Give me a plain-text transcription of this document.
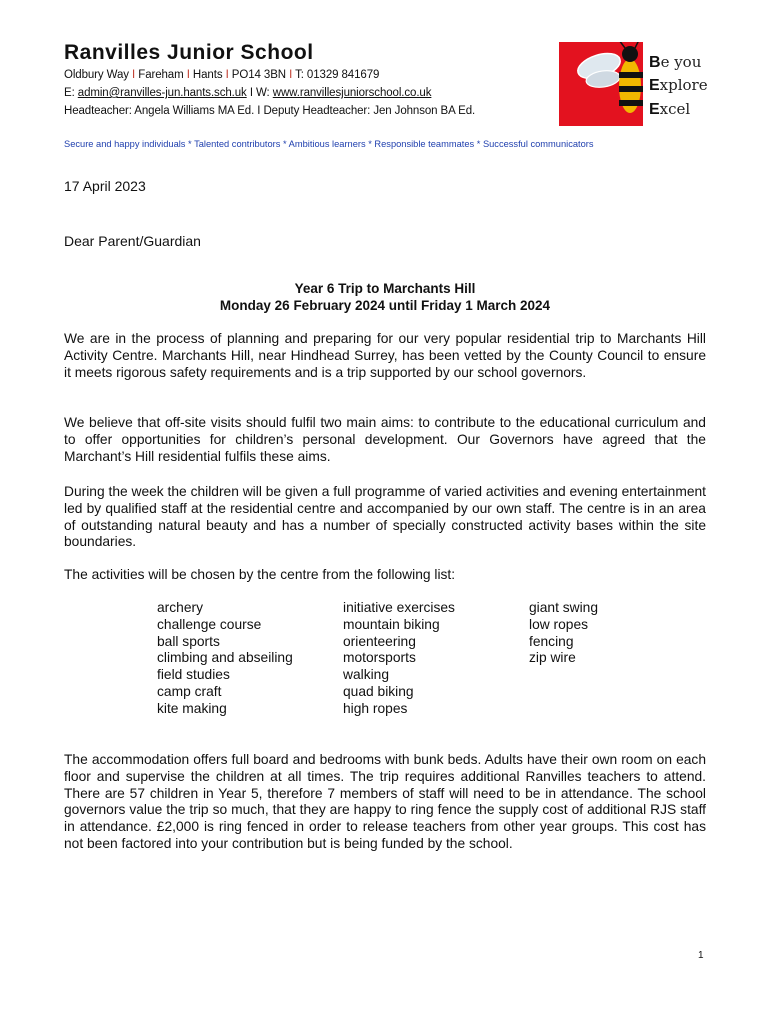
Ranvilles Junior School
Oldbury Way I Fareham I Hants I PO14 3BN I T: 01329 841679
E: admin@ranvilles-jun.hants.sch.uk I W: www.ranvillesjuniorschool.co.uk
Headteacher: Angela Williams MA Ed. I Deputy Headteacher: Jen Johnson BA Ed.
Be you
Explore
Excel
Secure and happy individuals * Talented contributors * Ambitious learners * Responsible teammates * Successful communicators
17 April 2023
Dear Parent/Guardian
Year 6 Trip to Marchants Hill
Monday 26 February 2024 until Friday 1 March 2024

We are in the process of planning and preparing for our very popular residential trip to Marchants Hill Activity Centre. Marchants Hill, near Hindhead Surrey, has been vetted by the County Council to ensure it meets rigorous safety requirements and is a trip supported by our school governors.

We believe that off-site visits should fulfil two main aims: to contribute to the educational curriculum and to offer opportunities for children’s personal development. Our Governors have agreed that the Marchant’s Hill residential fulfils these aims.

During the week the children will be given a full programme of varied activities and evening entertainment led by qualified staff at the residential centre and accompanied by our own staff. The centre is in an area of outstanding natural beauty and has a number of specially constructed activity bases within the site boundaries.

The activities will be chosen by the centre from the following list:

archery
challenge course
ball sports
climbing and abseiling
field studies
camp craft
kite making
initiative exercises
mountain biking
orienteering
motorsports
walking
quad biking
high ropes
giant swing
low ropes
fencing
zip wire

The accommodation offers full board and bedrooms with bunk beds. Adults have their own room on each floor and supervise the children at all times. The trip requires additional Ranvilles teachers to attend. There are 57 children in Year 5, therefore 7 members of staff will need to be in attendance. The school governors value the trip so much, that they are happy to ring fence the supply cost of additional RJS staff in attendance. £2,000 is ring fenced in order to release teachers from other year groups. This cost has not been factored into your contribution but is being funded by the school.

1
